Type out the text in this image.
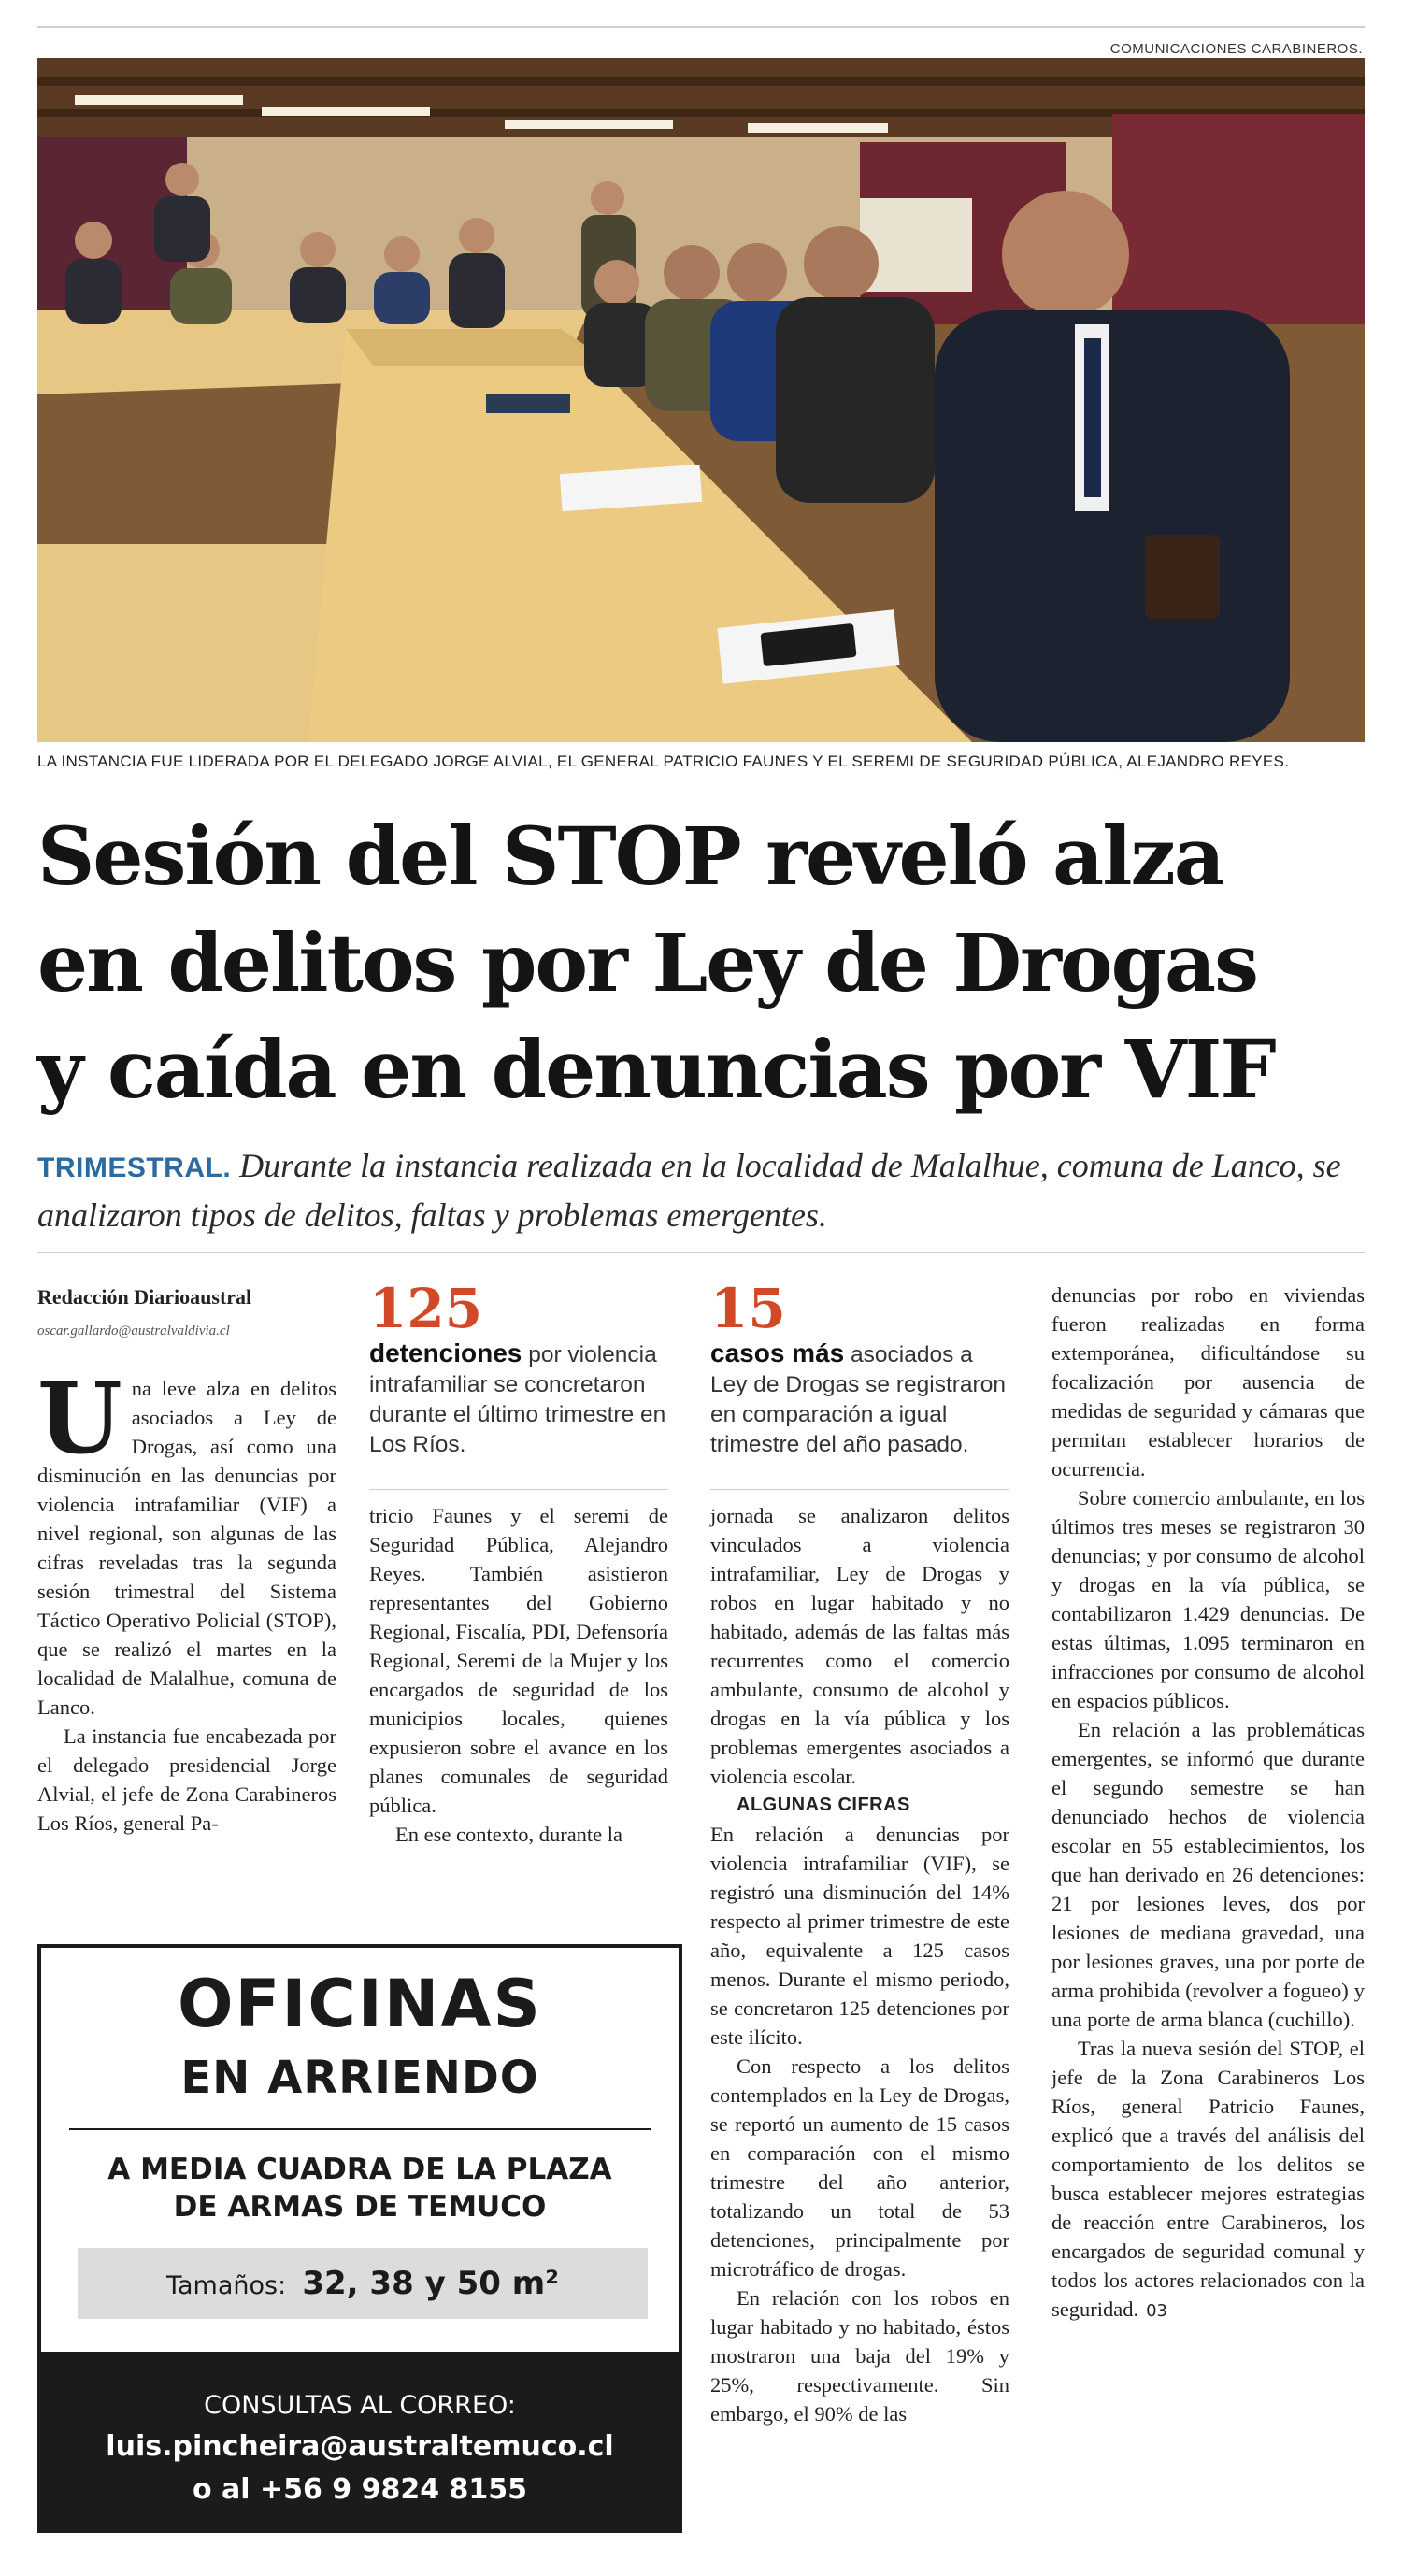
COMUNICACIONES CARABINEROS.
LA INSTANCIA FUE LIDERADA POR EL DELEGADO JORGE ALVIAL, EL GENERAL PATRICIO FAUNES Y EL SEREMI DE SEGURIDAD PÚBLICA, ALEJANDRO REYES.
Sesión del STOP reveló alza
en delitos por Ley de Drogas
y caída en denuncias por VIF
TRIMESTRAL. Durante la instancia realizada en la localidad de Malalhue, comuna de Lanco, se analizaron tipos de delitos, faltas y problemas emergentes.
Redacción Diarioaustral
oscar.gallardo@australvaldivia.cl

Una leve alza en delitos asociados a Ley de Drogas, así como una disminución en las denuncias por violencia intrafamiliar (VIF) a nivel regional, son algunas de las cifras reveladas tras la segunda sesión trimestral del Sistema Táctico Operativo Policial (STOP), que se realizó el martes en la localidad de Malalhue, comuna de Lanco.

La instancia fue encabezada por el delegado presidencial Jorge Alvial, el jefe de Zona Carabineros Los Ríos, general Pa-

125
detenciones por violencia intrafamiliar se concretaron durante el último trimestre en Los Ríos.

tricio Faunes y el seremi de Seguridad Pública, Alejandro Reyes. También asistieron representantes del Gobierno Regional, Fiscalía, PDI, Defensoría Regional, Seremi de la Mujer y los encargados de seguridad de los municipios locales, quienes expusieron sobre el avance en los planes comunales de seguridad pública.

En ese contexto, durante la

15
casos más asociados a Ley de Drogas se registraron en comparación a igual trimestre del año pasado.

jornada se analizaron delitos vinculados a violencia intrafamiliar, Ley de Drogas y robos en lugar habitado y no habitado, además de las faltas más recurrentes como el comercio ambulante, consumo de alcohol y drogas en la vía pública y los problemas emergentes asociados a violencia escolar.

ALGUNAS CIFRAS

En relación a denuncias por violencia intrafamiliar (VIF), se registró una disminución del 14% respecto al primer trimestre de este año, equivalente a 125 casos menos. Durante el mismo periodo, se concretaron 125 detenciones por este ilícito.

Con respecto a los delitos contemplados en la Ley de Drogas, se reportó un aumento de 15 casos en comparación con el mismo trimestre del año anterior, totalizando un total de 53 detenciones, principalmente por microtráfico de drogas.

En relación con los robos en lugar habitado y no habitado, éstos mostraron una baja del 19% y 25%, respectivamente. Sin embargo, el 90% de las

denuncias por robo en viviendas fueron realizadas en forma extemporánea, dificultándose su focalización por ausencia de medidas de seguridad y cámaras que permitan establecer horarios de ocurrencia.

Sobre comercio ambulante, en los últimos tres meses se registraron 30 denuncias; y por consumo de alcohol y drogas en la vía pública, se contabilizaron 1.429 denuncias. De estas últimas, 1.095 terminaron en infracciones por consumo de alcohol en espacios públicos.

En relación a las problemáticas emergentes, se informó que durante el segundo semestre se han denunciado hechos de violencia escolar en 55 establecimientos, los que han derivado en 26 detenciones: 21 por lesiones leves, dos por lesiones de mediana gravedad, una por lesiones graves, una por porte de arma prohibida (revolver a fogueo) y una porte de arma blanca (cuchillo).

Tras la nueva sesión del STOP, el jefe de la Zona Carabineros Los Ríos, general Patricio Faunes, explicó que a través del análisis del comportamiento de los delitos se busca establecer mejores estrategias de reacción entre Carabineros, los encargados de seguridad comunal y todos los actores relacionados con la seguridad. 03

OFICINAS
EN ARRIENDO
A MEDIA CUADRA DE LA PLAZA
DE ARMAS DE TEMUCO
Tamaños: 32, 38 y 50 m²
CONSULTAS AL CORREO:
luis.pincheira@australtemuco.cl
o al +56 9 9824 8155
